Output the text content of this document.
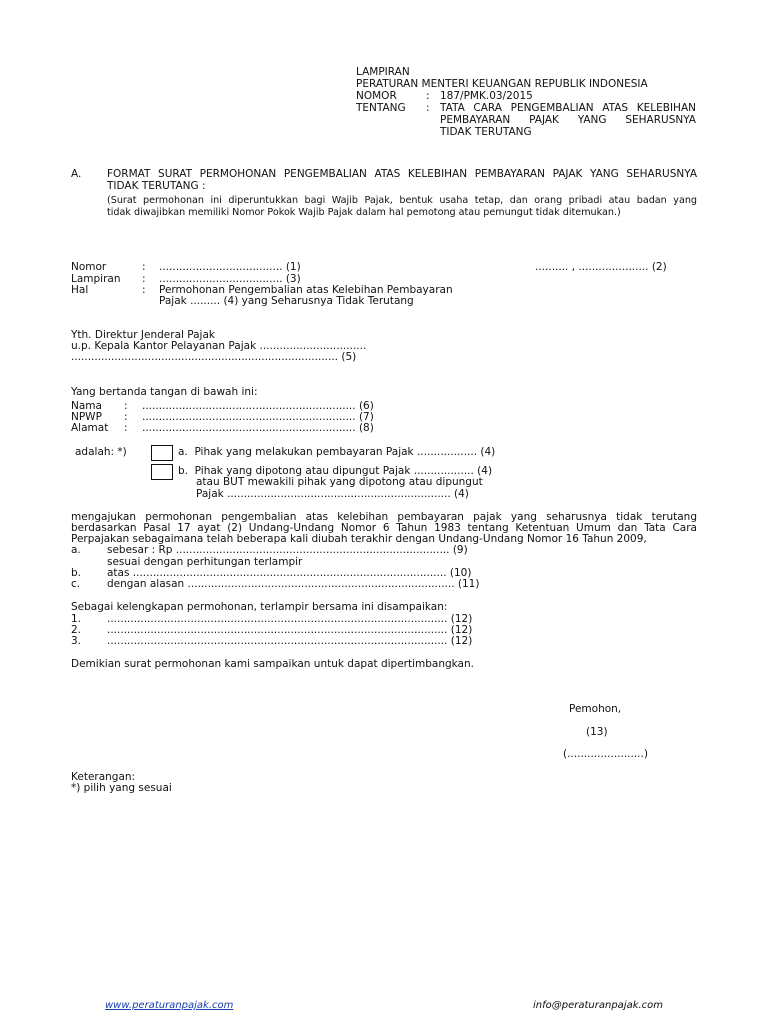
LAMPIRAN
PERATURAN MENTERI KEUANGAN REPUBLIK INDONESIA
NOMOR	: 187/PMK.03/2015
TENTANG : TATA CARA PENGEMBALIAN ATAS KELEBIHAN
PEMBAYARAN PAJAK YANG SEHARUSNYA
TIDAK TERUTANG
A. FORMAT SURAT PERMOHONAN PENGEMBALIAN ATAS KELEBIHAN PEMBAYARAN PAJAK YANG SEHARUSNYA
TIDAK TERUTANG :
(Surat permohonan ini diperuntukkan bagi Wajib Pajak, bentuk usaha tetap, dan orang pribadi atau badan yang
tidak diwajibkan memiliki Nomor Pokok Wajib Pajak dalam hal pemotong atau pemungut tidak ditemukan.)
Nomor	: ..................................... (1)	.......... , ..................... (2)
Lampiran : ..................................... (3)
Hal	: Permohonan Pengembalian atas Kelebihan Pembayaran
Pajak ......... (4) yang Seharusnya Tidak Terutang
Yth. Direktur Jenderal Pajak
u.p. Kepala Kantor Pelayanan Pajak ................................
................................................................................ (5)
Yang bertanda tangan di bawah ini:
Nama : ................................................................ (6)
NPWP : ................................................................ (7)
Alamat : ................................................................ (8)
adalah: *)	a.  Pihak yang melakukan pembayaran Pajak .................. (4)
b.  Pihak yang dipotong atau dipungut Pajak .................. (4)
atau BUT mewakili pihak yang dipotong atau dipungut
Pajak ................................................................... (4)
mengajukan permohonan pengembalian atas kelebihan pembayaran pajak yang seharusnya tidak terutang
berdasarkan Pasal 17 ayat (2) Undang-Undang Nomor 6 Tahun 1983 tentang Ketentuan Umum dan Tata Cara
Perpajakan sebagaimana telah beberapa kali diubah terakhir dengan Undang-Undang Nomor 16 Tahun 2009,
a. sebesar : Rp .................................................................................. (9)
sesuai dengan perhitungan terlampir
b. atas .............................................................................................. (10)
c.	dengan alasan ................................................................................ (11)
Sebagai kelengkapan permohonan, terlampir bersama ini disampaikan:
1. ...................................................................................................... (12)
2. ...................................................................................................... (12)
3. ...................................................................................................... (12)
Demikian surat permohonan kami sampaikan untuk dapat dipertimbangkan.
Pemohon,
(13)
(.......................)
Keterangan:
*) pilih yang sesuai
www.peraturanpajak.com	info@peraturanpajak.com
